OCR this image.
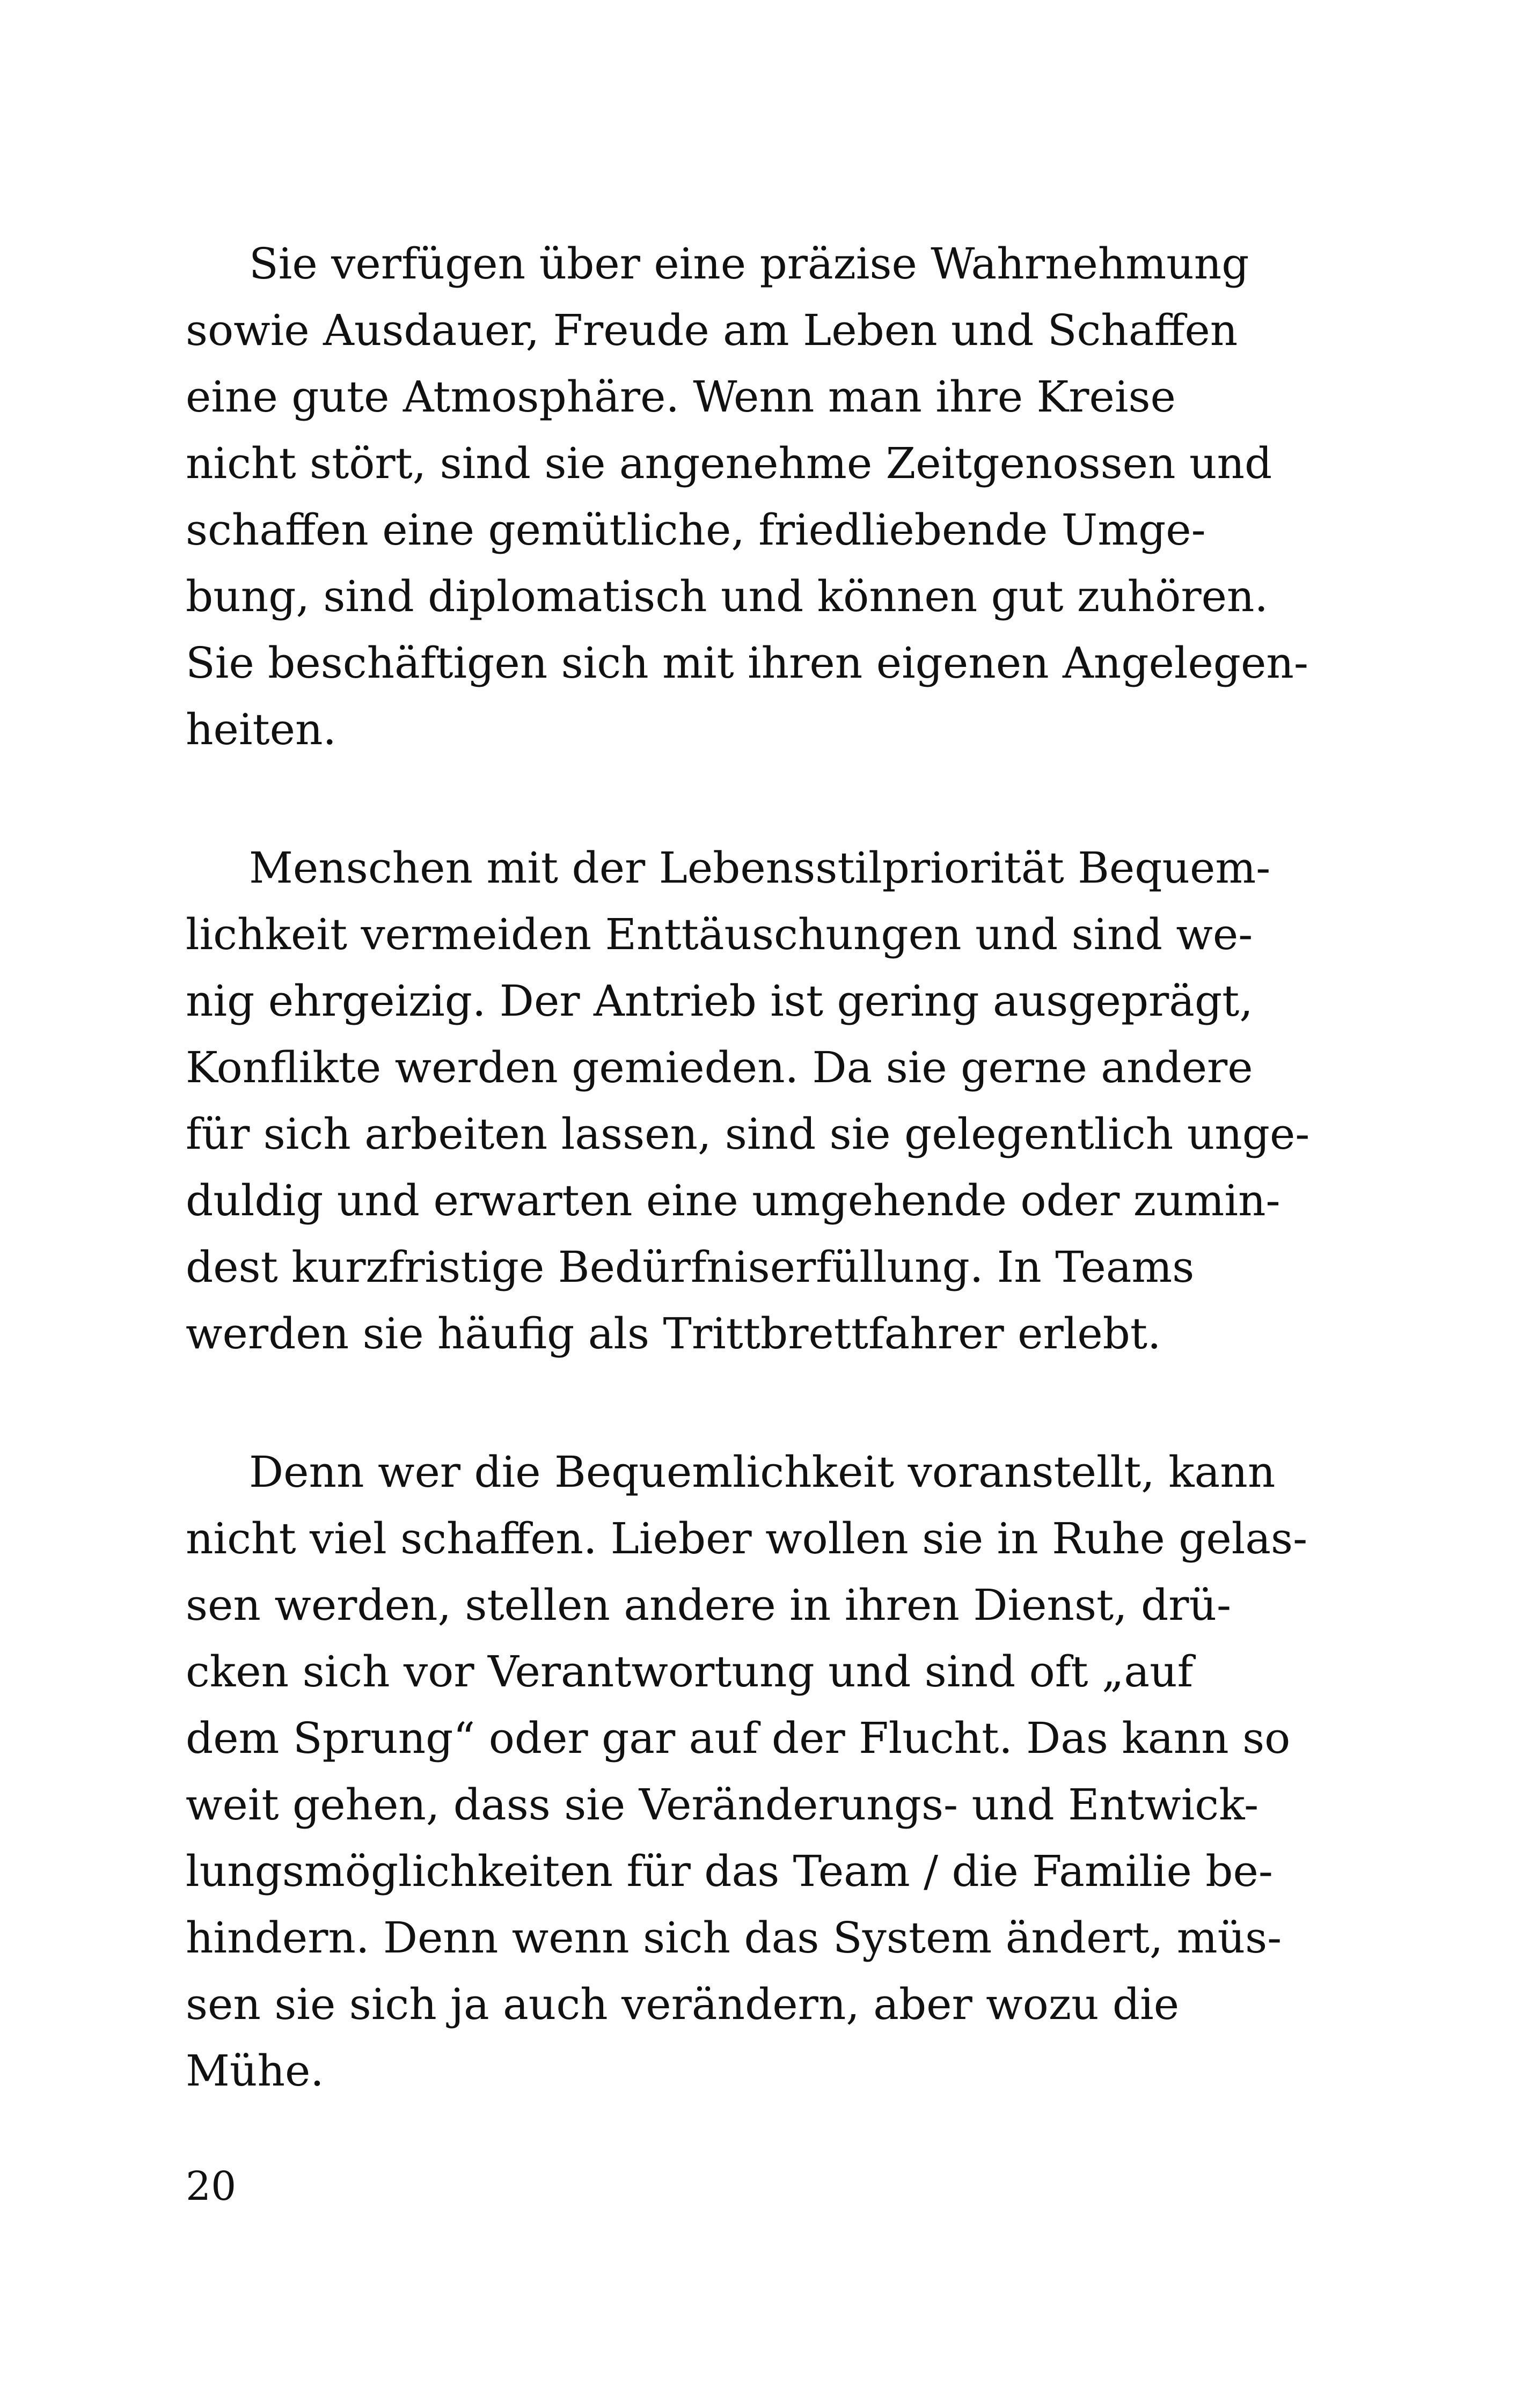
Sie verfügen über eine präzise Wahrnehmung
sowie Ausdauer, Freude am Leben und Schaffen
eine gute Atmosphäre. Wenn man ihre Kreise
nicht stört, sind sie angenehme Zeitgenossen und
schaffen eine gemütliche, friedliebende Umge-
bung, sind diplomatisch und können gut zuhören.
Sie beschäftigen sich mit ihren eigenen Angelegen-
heiten.
Menschen mit der Lebensstilpriorität Bequem-
lichkeit vermeiden Enttäuschungen und sind we-
nig ehrgeizig. Der Antrieb ist gering ausgeprägt,
Konflikte werden gemieden. Da sie gerne andere
für sich arbeiten lassen, sind sie gelegentlich unge-
duldig und erwarten eine umgehende oder zumin-
dest kurzfristige Bedürfniserfüllung. In Teams
werden sie häufig als Trittbrettfahrer erlebt.
Denn wer die Bequemlichkeit voranstellt, kann
nicht viel schaffen. Lieber wollen sie in Ruhe gelas-
sen werden, stellen andere in ihren Dienst, drü-
cken sich vor Verantwortung und sind oft „auf
dem Sprung“ oder gar auf der Flucht. Das kann so
weit gehen, dass sie Veränderungs- und Entwick-
lungsmöglichkeiten für das Team / die Familie be-
hindern. Denn wenn sich das System ändert, müs-
sen sie sich ja auch verändern, aber wozu die
Mühe.
20
